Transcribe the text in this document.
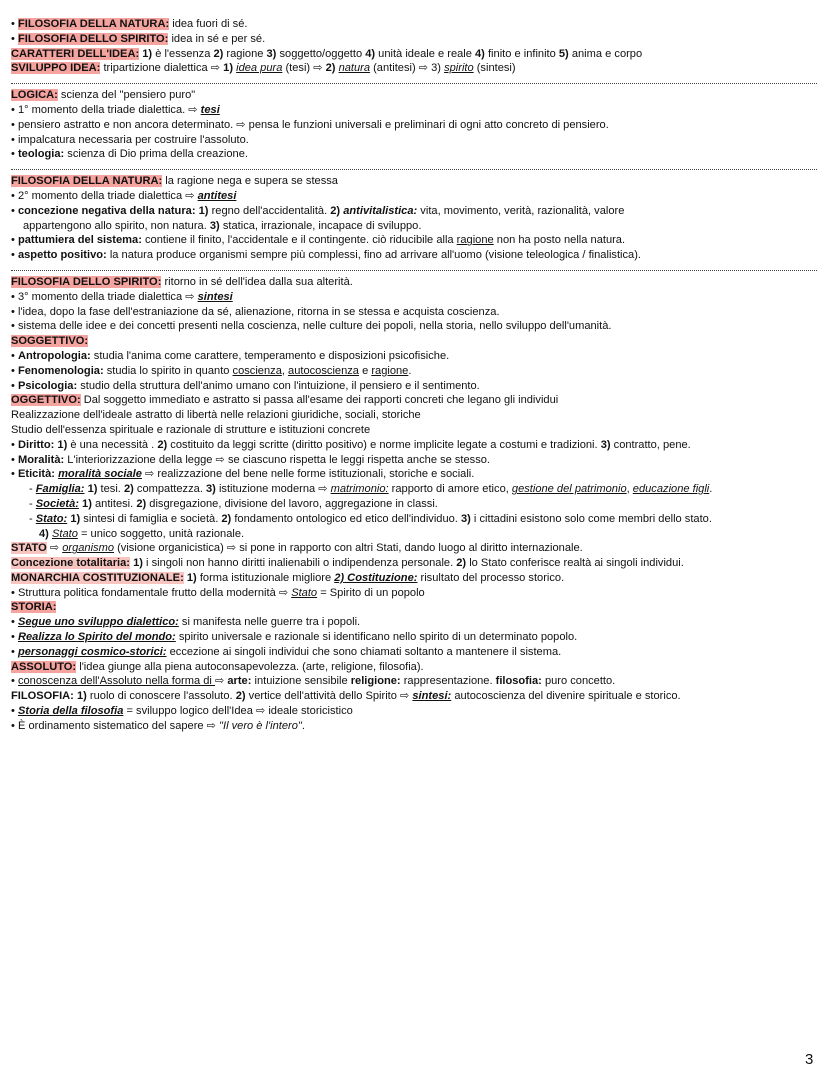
• FILOSOFIA DELLA NATURA: idea fuori di sé.
• FILOSOFIA DELLO SPIRITO: idea in sé e per sé.
CARATTERI DELL'IDEA: 1) è l'essenza 2) ragione 3) soggetto/oggetto 4) unità ideale e reale 4) finito e infinito 5) anima e corpo
SVILUPPO IDEA: tripartizione dialettica ⇨ 1) idea pura (tesi) ⇨ 2) natura (antitesi) ⇨ 3) spirito (sintesi)
LOGICA: scienza del "pensiero puro"
• 1° momento della triade dialettica. ⇨ tesi
• pensiero astratto e non ancora determinato. ⇨ pensa le funzioni universali e preliminari di ogni atto concreto di pensiero.
• impalcatura necessaria per costruire l'assoluto.
• teologia: scienza di Dio prima della creazione.
FILOSOFIA DELLA NATURA: la ragione nega e supera se stessa
• 2° momento della triade dialettica ⇨ antitesi
• concezione negativa della natura: 1) regno dell'accidentalità. 2) antivitalistica: vita, movimento, verità, razionalità, valore
appartengono allo spirito, non natura. 3) statica, irrazionale, incapace di sviluppo.
• pattumiera del sistema: contiene il finito, l'accidentale e il contingente. ciò riducibile alla ragione non ha posto nella natura.
• aspetto positivo: la natura produce organismi sempre più complessi, fino ad arrivare all'uomo (visione teleologica / finalistica).
FILOSOFIA DELLO SPIRITO: ritorno in sé dell'idea dalla sua alterità.
• 3° momento della triade dialettica ⇨ sintesi
• l'idea, dopo la fase dell'estraniazione da sé, alienazione, ritorna in se stessa e acquista coscienza.
• sistema delle idee e dei concetti presenti nella coscienza, nelle culture dei popoli, nella storia, nello sviluppo dell'umanità.
SOGGETTIVO:
• Antropologia: studia l'anima come carattere, temperamento e disposizioni psicofisiche.
• Fenomenologia: studia lo spirito in quanto coscienza, autocoscienza e ragione.
• Psicologia: studio della struttura dell'animo umano con l'intuizione, il pensiero e il sentimento.
OGGETTIVO: Dal soggetto immediato e astratto si passa all'esame dei rapporti concreti che legano gli individui
Realizzazione dell'ideale astratto di libertà nelle relazioni giuridiche, sociali, storiche
Studio dell'essenza spirituale e razionale di strutture e istituzioni concrete
• Diritto: 1) è una necessità . 2) costituito da leggi scritte (diritto positivo) e norme implicite legate a costumi e tradizioni. 3) contratto, pene.
• Moralità: L'interiorizzazione della legge ⇨ se ciascuno rispetta le leggi rispetta anche se stesso.
• Eticità: moralità sociale ⇨ realizzazione del bene nelle forme istituzionali, storiche e sociali.
- Famiglia: 1) tesi. 2) compattezza. 3) istituzione moderna ⇨ matrimonio: rapporto di amore etico, gestione del patrimonio, educazione figli.
- Società: 1) antitesi. 2) disgregazione, divisione del lavoro, aggregazione in classi.
- Stato: 1) sintesi di famiglia e società. 2) fondamento ontologico ed etico dell'individuo. 3) i cittadini esistono solo come membri dello stato.
4) Stato = unico soggetto, unità razionale.
STATO ⇨ organismo (visione organicistica) ⇨ si pone in rapporto con altri Stati, dando luogo al diritto internazionale.
Concezione totalitaria: 1) i singoli non hanno diritti inalienabili o indipendenza personale. 2) lo Stato conferisce realtà ai singoli individui.
MONARCHIA COSTITUZIONALE: 1) forma istituzionale migliore 2) Costituzione: risultato del processo storico.
• Struttura politica fondamentale frutto della modernità ⇨ Stato = Spirito di un popolo
STORIA:
• Segue uno sviluppo dialettico: si manifesta nelle guerre tra i popoli.
• Realizza lo Spirito del mondo: spirito universale e razionale si identificano nello spirito di un determinato popolo.
• personaggi cosmico-storici: eccezione ai singoli individui che sono chiamati soltanto a mantenere il sistema.
ASSOLUTO: l'idea giunge alla piena autoconsapevolezza. (arte, religione, filosofia).
• conoscenza dell'Assoluto nella forma di ⇨ arte: intuizione sensibile religione: rappresentazione. filosofia: puro concetto.
FILOSOFIA: 1) ruolo di conoscere l'assoluto. 2) vertice dell'attività dello Spirito ⇨ sintesi: autocoscienza del divenire spirituale e storico.
• Storia della filosofia = sviluppo logico dell'Idea ⇨ ideale storicistico
• È ordinamento sistematico del sapere ⇨ "Il vero è l'intero".
3
